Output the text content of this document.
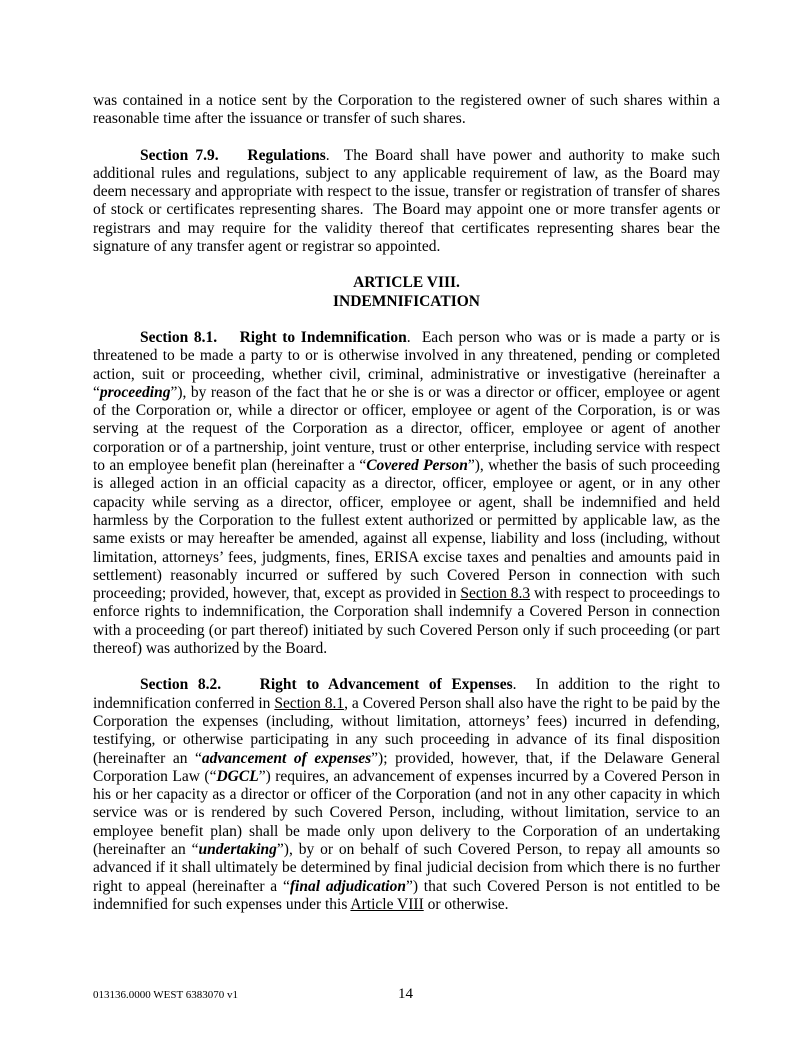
was contained in a notice sent by the Corporation to the registered owner of such shares within a reasonable time after the issuance or transfer of such shares.

Section 7.9. Regulations.  The Board shall have power and authority to make such additional rules and regulations, subject to any applicable requirement of law, as the Board may deem necessary and appropriate with respect to the issue, transfer or registration of transfer of shares of stock or certificates representing shares.  The Board may appoint one or more transfer agents or registrars and may require for the validity thereof that certificates representing shares bear the signature of any transfer agent or registrar so appointed.

ARTICLE VIII.
INDEMNIFICATION

Section 8.1. Right to Indemnification.  Each person who was or is made a party or is threatened to be made a party to or is otherwise involved in any threatened, pending or completed action, suit or proceeding, whether civil, criminal, administrative or investigative (hereinafter a “proceeding”), by reason of the fact that he or she is or was a director or officer, employee or agent of the Corporation or, while a director or officer, employee or agent of the Corporation, is or was serving at the request of the Corporation as a director, officer, employee or agent of another corporation or of a partnership, joint venture, trust or other enterprise, including service with respect to an employee benefit plan (hereinafter a “Covered Person”), whether the basis of such proceeding is alleged action in an official capacity as a director, officer, employee or agent, or in any other capacity while serving as a director, officer, employee or agent, shall be indemnified and held harmless by the Corporation to the fullest extent authorized or permitted by applicable law, as the same exists or may hereafter be amended, against all expense, liability and loss (including, without limitation, attorneys’ fees, judgments, fines, ERISA excise taxes and penalties and amounts paid in settlement) reasonably incurred or suffered by such Covered Person in connection with such proceeding; provided, however, that, except as provided in Section 8.3 with respect to proceedings to enforce rights to indemnification, the Corporation shall indemnify a Covered Person in connection with a proceeding (or part thereof) initiated by such Covered Person only if such proceeding (or part thereof) was authorized by the Board.

Section 8.2. Right to Advancement of Expenses.  In addition to the right to indemnification conferred in Section 8.1, a Covered Person shall also have the right to be paid by the Corporation the expenses (including, without limitation, attorneys’ fees) incurred in defending, testifying, or otherwise participating in any such proceeding in advance of its final disposition (hereinafter an “advancement of expenses”); provided, however, that, if the Delaware General Corporation Law (“DGCL”) requires, an advancement of expenses incurred by a Covered Person in his or her capacity as a director or officer of the Corporation (and not in any other capacity in which service was or is rendered by such Covered Person, including, without limitation, service to an employee benefit plan) shall be made only upon delivery to the Corporation of an undertaking (hereinafter an “undertaking”), by or on behalf of such Covered Person, to repay all amounts so advanced if it shall ultimately be determined by final judicial decision from which there is no further right to appeal (hereinafter a “final adjudication”) that such Covered Person is not entitled to be indemnified for such expenses under this Article VIII or otherwise.

013136.0000 WEST 6383070 v1	14
